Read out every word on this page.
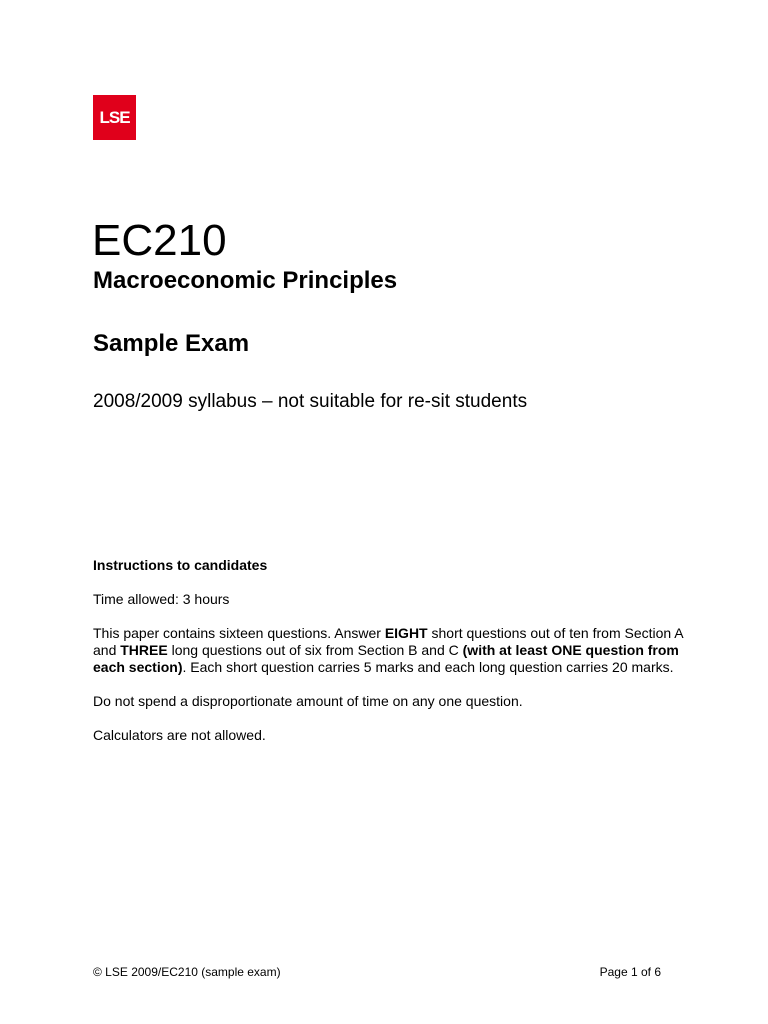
LSE
EC210
Macroeconomic Principles
Sample Exam

2008/2009 syllabus – not suitable for re-sit students

Instructions to candidates

Time allowed: 3 hours

This paper contains sixteen questions. Answer EIGHT short questions out of ten from Section A and THREE long questions out of six from Section B and C (with at least ONE question from each section). Each short question carries 5 marks and each long question carries 20 marks.

Do not spend a disproportionate amount of time on any one question.

Calculators are not allowed.

© LSE 2009/EC210 (sample exam)	Page 1 of 6
